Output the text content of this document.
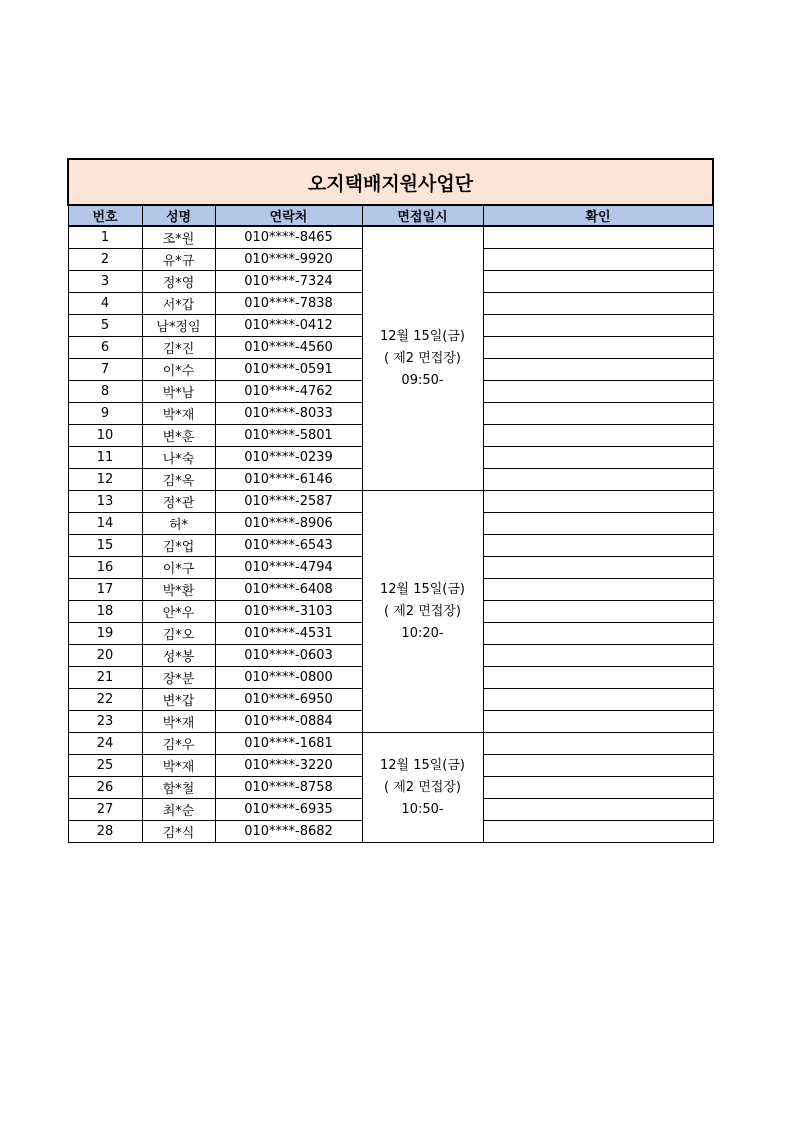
오지택배지원사업단				
번호	성명	연락처	면접일시	확인
1	조*원	010****-8465	12월 15일(금)
( 제2 면접장)
09:50-	

2	유*규	010****-9920		
3	정*영	010****-7324		
4	서*갑	010****-7838		
5	남*정임	010****-0412		
6	김*진	010****-4560		
7	이*수	010****-0591		
8	박*남	010****-4762		
9	박*재	010****-8033		
10	변*훈	010****-5801		
11	나*숙	010****-0239		
12	김*옥	010****-6146		
13	정*관	010****-2587	12월 15일(금)
( 제2 면접장)
10:20-	

14	허*	010****-8906		
15	김*업	010****-6543		
16	이*구	010****-4794		
17	박*환	010****-6408		
18	안*우	010****-3103		
19	김*오	010****-4531		
20	성*봉	010****-0603		
21	장*분	010****-0800		
22	변*갑	010****-6950		
23	박*재	010****-0884		
24	김*우	010****-1681	12월 15일(금)
( 제2 면접장)
10:50-	

25	박*재	010****-3220		
26	함*철	010****-8758		
27	최*순	010****-6935		
28	김*식	010****-8682		
